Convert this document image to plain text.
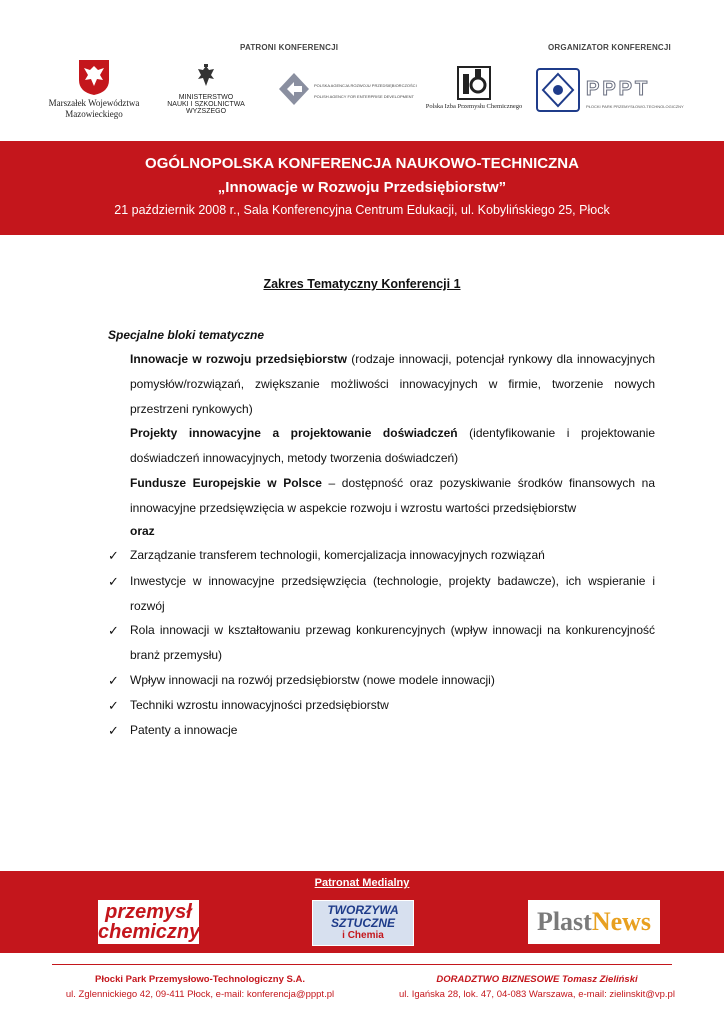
PATRONI KONFERENCJI	ORGANIZATOR KONFERENCJI
Marszałek Województwa Mazowieckiego
MINISTERSTWO
NAUKI I SZKOLNICTWA WYŻSZEGO
POLSKA AGENCJA ROZWOJU PRZEDSIĘBIORCZOŚCI
POLISH AGENCY FOR ENTERPRISE DEVELOPMENT
Polska Izba Przemysłu Chemicznego
PPPT
PŁOCKI PARK PRZEMYSŁOWO-TECHNOLOGICZNY
OGÓLNOPOLSKA KONFERENCJA NAUKOWO-TECHNICZNA
„Innowacje w Rozwoju Przedsiębiorstw”
21 październik 2008 r., Sala Konferencyjna Centrum Edukacji, ul. Kobylińskiego 25, Płock
Zakres Tematyczny Konferencji 1
Specjalne bloki tematyczne
Innowacje w rozwoju przedsiębiorstw (rodzaje innowacji, potencjał rynkowy dla innowacyjnych pomysłów/rozwiązań, zwiększanie możliwości innowacyjnych w firmie, tworzenie nowych przestrzeni rynkowych)
Projekty innowacyjne a projektowanie doświadczeń (identyfikowanie i projektowanie doświadczeń innowacyjnych, metody tworzenia doświadczeń)
Fundusze Europejskie w Polsce – dostępność oraz pozyskiwanie środków finansowych na innowacyjne przedsięwzięcia w aspekcie rozwoju i wzrostu wartości przedsiębiorstw
oraz
✓ Zarządzanie transferem technologii, komercjalizacja innowacyjnych rozwiązań
✓ Inwestycje w innowacyjne przedsięwzięcia (technologie, projekty badawcze), ich wspieranie i rozwój
✓ Rola innowacji w kształtowaniu przewag konkurencyjnych (wpływ innowacji na konkurencyjność branż przemysłu)
✓ Wpływ innowacji na rozwój przedsiębiorstw (nowe modele innowacji)
✓ Techniki wzrostu innowacyjności przedsiębiorstw
✓ Patenty a innowacje
Patronat Medialny
przemysł
chemiczny
TWORZYWA
SZTUCZNE
i Chemia	PlastNews
Płocki Park Przemysłowo-Technologiczny S.A.
ul. Zglennickiego 42, 09-411 Płock, e-mail: konferencja@pppt.pl
DORADZTWO BIZNESOWE Tomasz Zieliński
ul. Igańska 28, lok. 47, 04-083 Warszawa, e-mail: zielinskit@vp.pl
